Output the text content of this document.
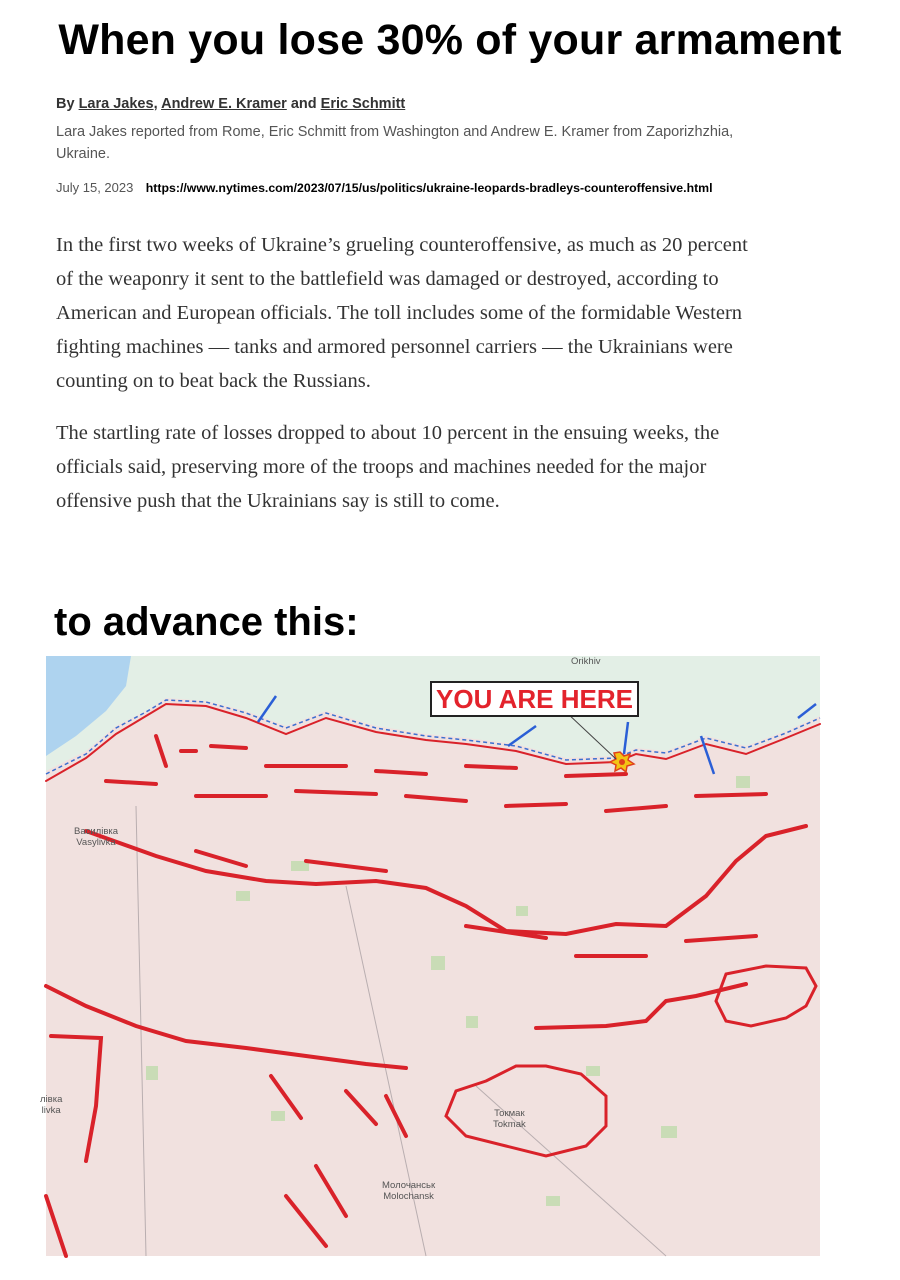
When you lose 30% of your armament
By Lara Jakes, Andrew E. Kramer and Eric Schmitt
Lara Jakes reported from Rome, Eric Schmitt from Washington and Andrew E. Kramer from Zaporizhzhia, Ukraine.
July 15, 2023 https://www.nytimes.com/2023/07/15/us/politics/ukraine-leopards-bradleys-counteroffensive.html

In the first two weeks of Ukraine’s grueling counteroffensive, as much as 20 percent of the weaponry it sent to the battlefield was damaged or destroyed, according to American and European officials. The toll includes some of the formidable Western fighting machines — tanks and armored personnel carriers — the Ukrainians were counting on to beat back the Russians.

The startling rate of losses dropped to about 10 percent in the ensuing weeks, the officials said, preserving more of the troops and machines needed for the major offensive push that the Ukrainians say is still to come.

to advance this:
YOU ARE HERE
Orikhiv
Василівка
Vasylivka
Токмак
Tokmak
Молочанськ
Molochansk
лівка
livka
